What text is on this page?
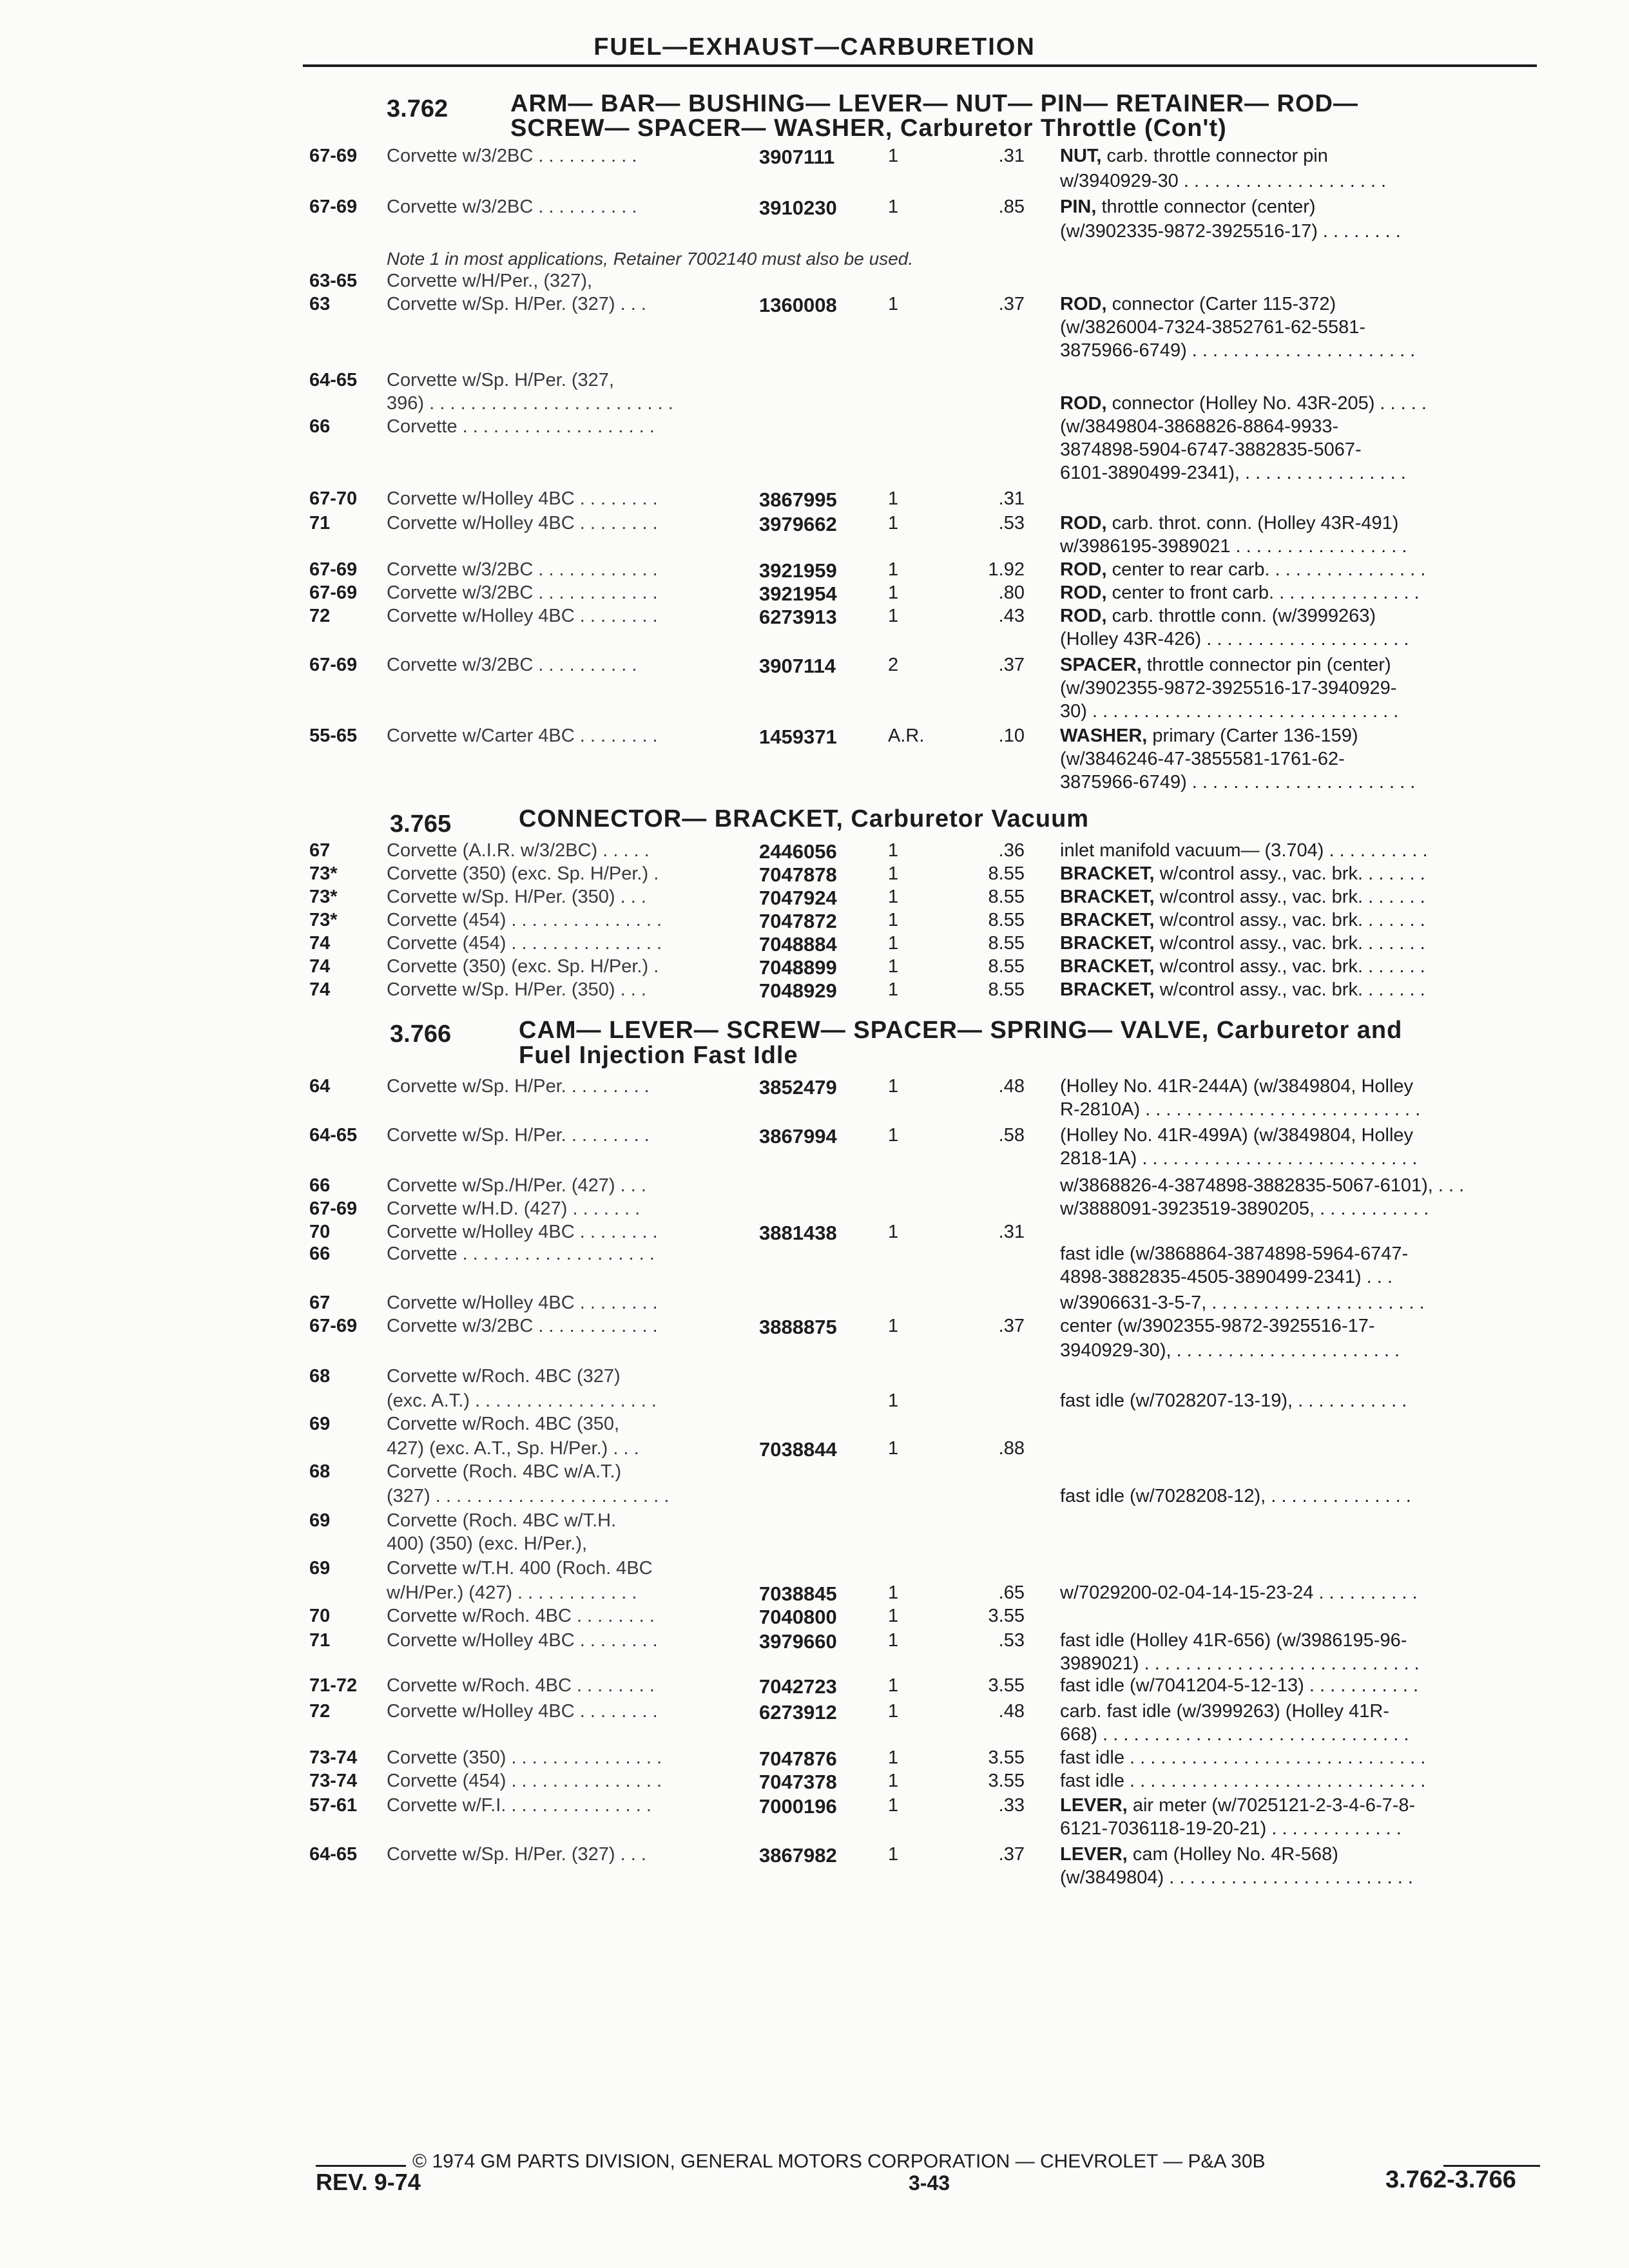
FUEL—EXHAUST—CARBURETION
3.762	ARM— BAR— BUSHING— LEVER— NUT— PIN— RETAINER— ROD—
SCREW— SPACER— WASHER, Carburetor Throttle (Con't)
3.765	CONNECTOR— BRACKET, Carburetor Vacuum
3.766	CAM— LEVER— SCREW— SPACER— SPRING— VALVE, Carburetor and
Fuel Injection Fast Idle
Note 1 in most applications, Retainer 7002140 must also be used.
67-69 Corvette w/3/2BC . . . . . . . . . .	3907111	1	.31 NUT, carb. throttle connector pin
w/3940929-30 . . . . . . . . . . . . . . . . . . . .
67-69 Corvette w/3/2BC . . . . . . . . . .	3910230	1	.85 PIN, throttle connector (center)
(w/3902335-9872-3925516-17) . . . . . . . .
63-65 Corvette w/H/Per., (327),
63	Corvette w/Sp. H/Per. (327) . . .	1360008	1	.37 ROD, connector (Carter 115-372)
(w/3826004-7324-3852761-62-5581-
3875966-6749) . . . . . . . . . . . . . . . . . . . . . .
64-65 Corvette w/Sp. H/Per. (327,
396) . . . . . . . . . . . . . . . . . . . . . . . .	ROD, connector (Holley No. 43R-205) . . . . .
66	Corvette . . . . . . . . . . . . . . . . . . .	(w/3849804-3868826-8864-9933-
3874898-5904-6747-3882835-5067-
6101-3890499-2341), . . . . . . . . . . . . . . . .
67-70 Corvette w/Holley 4BC . . . . . . . .	3867995	1	.31
71	Corvette w/Holley 4BC . . . . . . . .	3979662	1	.53 ROD, carb. throt. conn. (Holley 43R-491)
w/3986195-3989021 . . . . . . . . . . . . . . . . .
67-69 Corvette w/3/2BC . . . . . . . . . . . .	3921959	1	1.92 ROD, center to rear carb. . . . . . . . . . . . . . . .
67-69 Corvette w/3/2BC . . . . . . . . . . . .	3921954	1	.80 ROD, center to front carb. . . . . . . . . . . . . . .
72	Corvette w/Holley 4BC . . . . . . . .	6273913	1	.43 ROD, carb. throttle conn. (w/3999263)
(Holley 43R-426) . . . . . . . . . . . . . . . . . . . .
67-69 Corvette w/3/2BC . . . . . . . . . .	3907114	2	.37 SPACER, throttle connector pin (center)
(w/3902355-9872-3925516-17-3940929-
30) . . . . . . . . . . . . . . . . . . . . . . . . . . . . . .
55-65 Corvette w/Carter 4BC . . . . . . . .	1459371	A.R.	.10 WASHER, primary (Carter 136-159)
(w/3846246-47-3855581-1761-62-
3875966-6749) . . . . . . . . . . . . . . . . . . . . . .
67	Corvette (A.I.R. w/3/2BC) . . . . .	2446056	1	.36 inlet manifold vacuum— (3.704) . . . . . . . . . .
73*	Corvette (350) (exc. Sp. H/Per.) .	7047878	1	8.55 BRACKET, w/control assy., vac. brk. . . . . . .
73*	Corvette w/Sp. H/Per. (350) . . .	7047924	1	8.55 BRACKET, w/control assy., vac. brk. . . . . . .
73*	Corvette (454) . . . . . . . . . . . . . . .	7047872	1	8.55 BRACKET, w/control assy., vac. brk. . . . . . .
74	Corvette (454) . . . . . . . . . . . . . . .	7048884	1	8.55 BRACKET, w/control assy., vac. brk. . . . . . .
74	Corvette (350) (exc. Sp. H/Per.) .	7048899	1	8.55 BRACKET, w/control assy., vac. brk. . . . . . .
74	Corvette w/Sp. H/Per. (350) . . .	7048929	1	8.55 BRACKET, w/control assy., vac. brk. . . . . . .
64	Corvette w/Sp. H/Per. . . . . . . . .	3852479	1	.48 (Holley No. 41R-244A) (w/3849804, Holley
R-2810A) . . . . . . . . . . . . . . . . . . . . . . . . . . .
64-65 Corvette w/Sp. H/Per. . . . . . . . .	3867994	1	.58 (Holley No. 41R-499A) (w/3849804, Holley
2818-1A) . . . . . . . . . . . . . . . . . . . . . . . . . . .
66	Corvette w/Sp./H/Per. (427) . . .	w/3868826-4-3874898-3882835-5067-6101), . . .
67-69 Corvette w/H.D. (427) . . . . . . .	w/3888091-3923519-3890205, . . . . . . . . . . .
70	Corvette w/Holley 4BC . . . . . . . .	3881438	1	.31
66	Corvette . . . . . . . . . . . . . . . . . . .	fast idle (w/3868864-3874898-5964-6747-
4898-3882835-4505-3890499-2341) . . .
67	Corvette w/Holley 4BC . . . . . . . .	w/3906631-3-5-7, . . . . . . . . . . . . . . . . . . . . .
67-69 Corvette w/3/2BC . . . . . . . . . . . .	3888875	1	.37 center (w/3902355-9872-3925516-17-
3940929-30), . . . . . . . . . . . . . . . . . . . . . .
68	Corvette w/Roch. 4BC (327)
(exc. A.T.) . . . . . . . . . . . . . . . . . .	1	fast idle (w/7028207-13-19), . . . . . . . . . . .
69	Corvette w/Roch. 4BC (350,
427) (exc. A.T., Sp. H/Per.) . . .	7038844	1	.88
68	Corvette (Roch. 4BC w/A.T.)
(327) . . . . . . . . . . . . . . . . . . . . . . .	fast idle (w/7028208-12), . . . . . . . . . . . . . .
69	Corvette (Roch. 4BC w/T.H.
400) (350) (exc. H/Per.),
69	Corvette w/T.H. 400 (Roch. 4BC
w/H/Per.) (427) . . . . . . . . . . . .	7038845	1	.65 w/7029200-02-04-14-15-23-24 . . . . . . . . . .
70	Corvette w/Roch. 4BC . . . . . . . .	7040800	1	3.55
71	Corvette w/Holley 4BC . . . . . . . .	3979660	1	.53 fast idle (Holley 41R-656) (w/3986195-96-
3989021) . . . . . . . . . . . . . . . . . . . . . . . . . . .
71-72 Corvette w/Roch. 4BC . . . . . . . .	7042723	1	3.55 fast idle (w/7041204-5-12-13) . . . . . . . . . . .
72	Corvette w/Holley 4BC . . . . . . . .	6273912	1	.48 carb. fast idle (w/3999263) (Holley 41R-
668) . . . . . . . . . . . . . . . . . . . . . . . . . . . . . .
73-74 Corvette (350) . . . . . . . . . . . . . . .	7047876	1	3.55 fast idle . . . . . . . . . . . . . . . . . . . . . . . . . . . . .
73-74 Corvette (454) . . . . . . . . . . . . . . .	7047378	1	3.55 fast idle . . . . . . . . . . . . . . . . . . . . . . . . . . . . .
57-61 Corvette w/F.I. . . . . . . . . . . . . . .	7000196	1	.33 LEVER, air meter (w/7025121-2-3-4-6-7-8-
6121-7036118-19-20-21) . . . . . . . . . . . . .
64-65 Corvette w/Sp. H/Per. (327) . . .	3867982	1	.37 LEVER, cam (Holley No. 4R-568)
(w/3849804) . . . . . . . . . . . . . . . . . . . . . . . .
© 1974 GM PARTS DIVISION, GENERAL MOTORS CORPORATION — CHEVROLET — P&A 30B
REV. 9-74	3-43	3.762-3.766
